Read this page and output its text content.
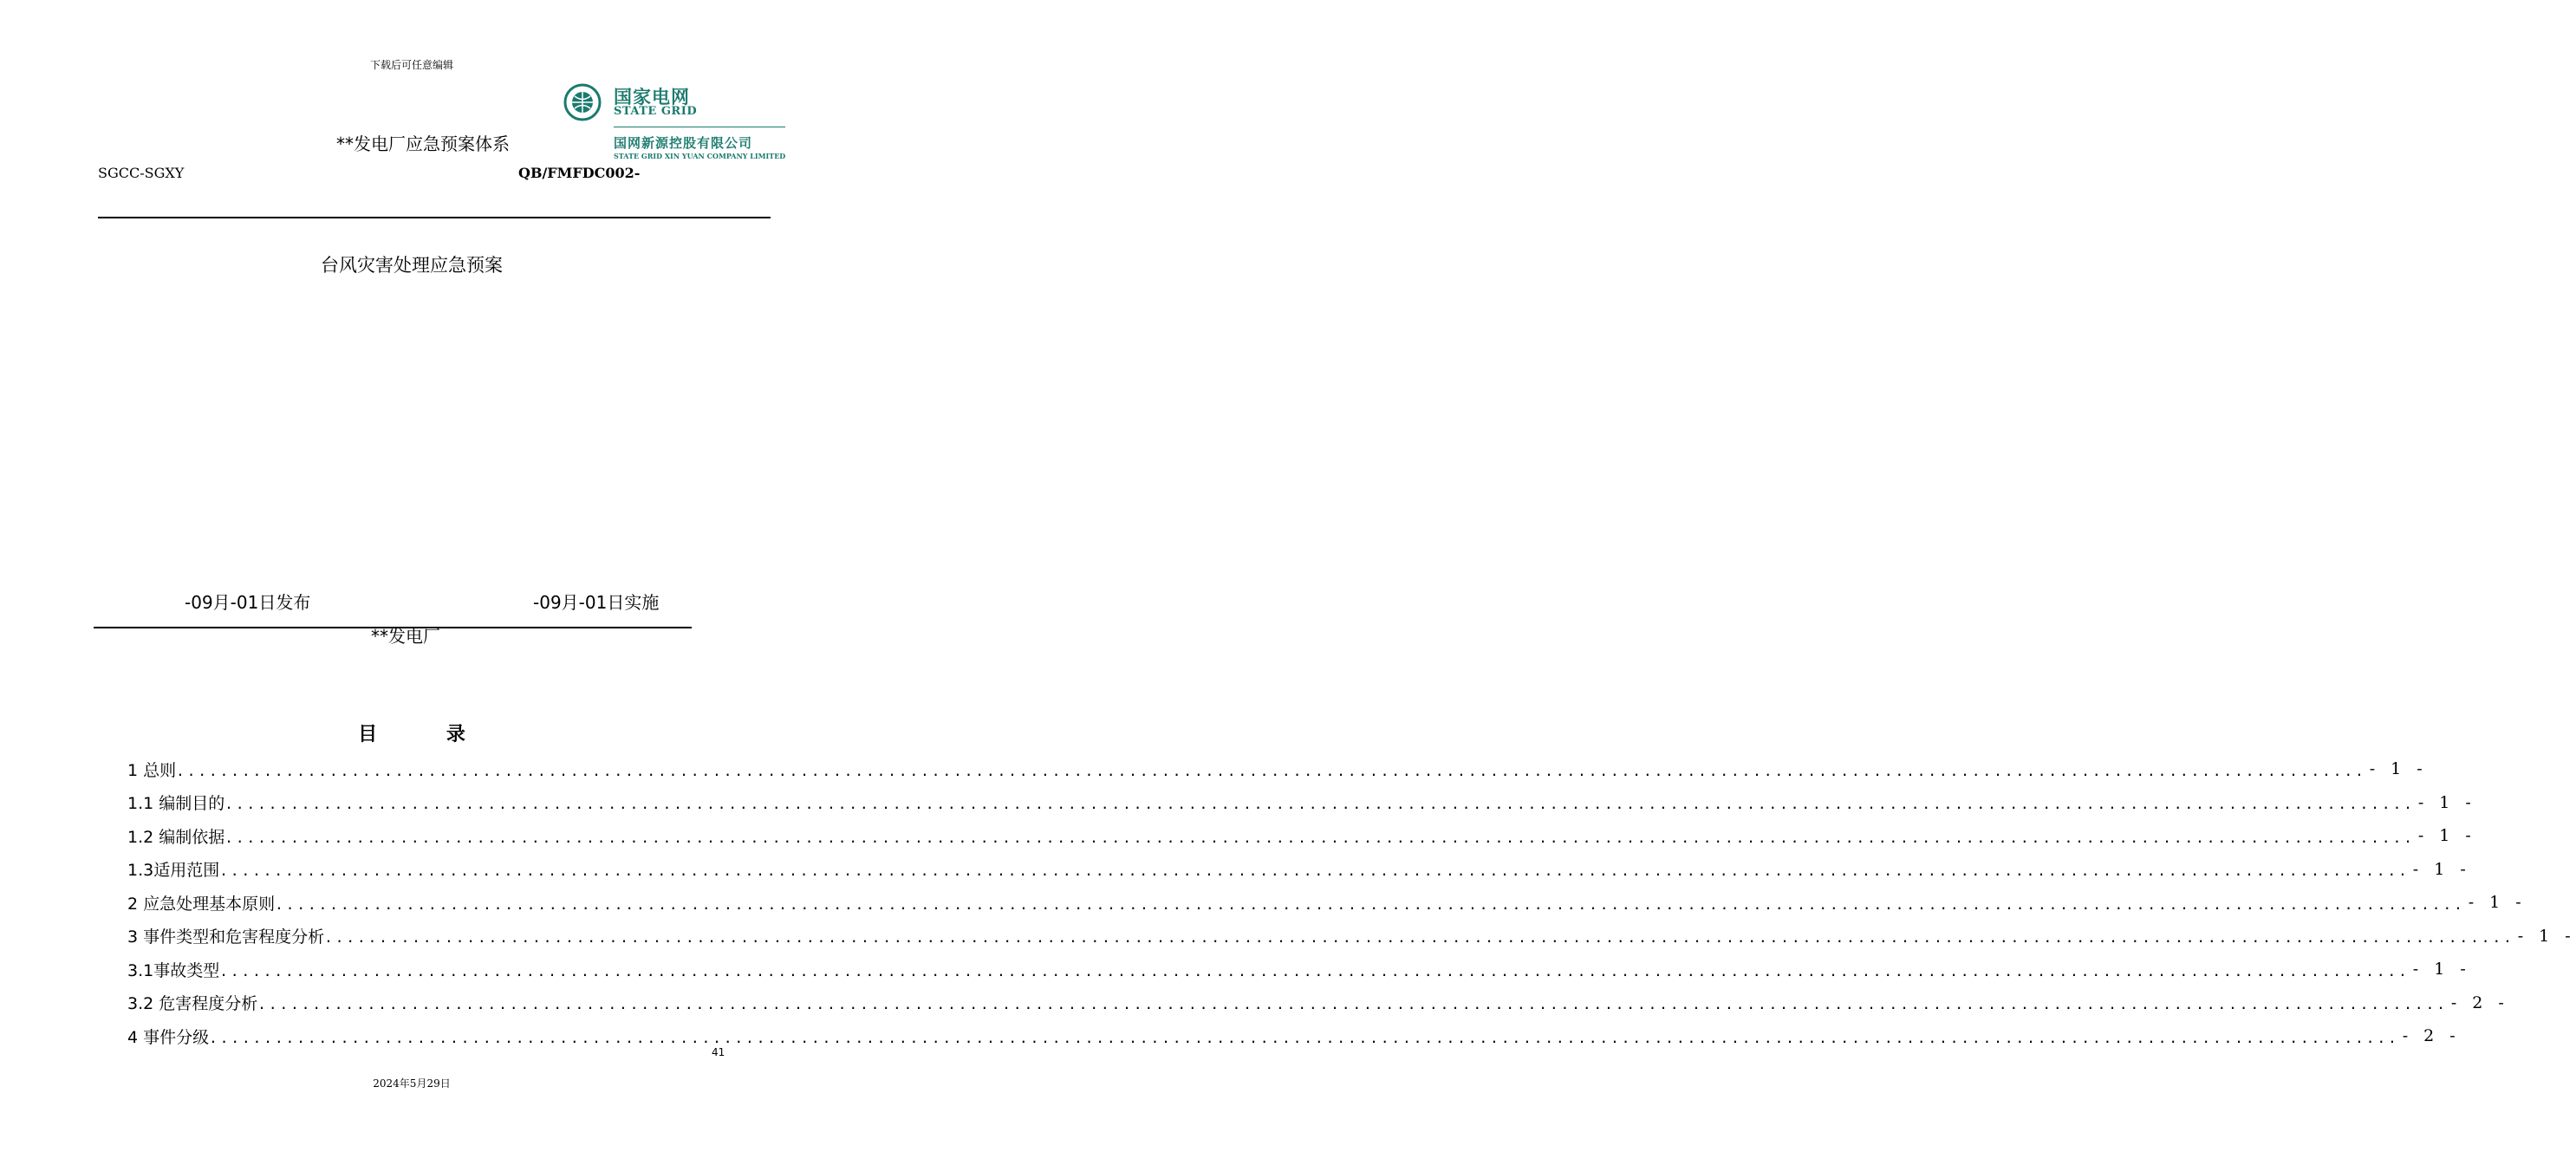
下载后可任意编辑
国家电网
STATE GRID
国网新源控股有限公司
STATE GRID XIN YUAN COMPANY LIMITED
**发电厂应急预案体系
SGCC-SGXY	QB/FMFDC002-
台风灾害处理应急预案
-09月-01日发布	-09月-01日实施
**发电厂
目 录
1 总则 ........................................................................................................................................................................................................ - 1 -
1.1 编制目的 ........................................................................................................................................................................................................ - 1 -
1.2 编制依据 ........................................................................................................................................................................................................ - 1 -
1.3适用范围 ........................................................................................................................................................................................................ - 1 -
2 应急处理基本原则 ........................................................................................................................................................................................................ - 1 -
3 事件类型和危害程度分析 ........................................................................................................................................................................................................ - 1 -
3.1事故类型 ........................................................................................................................................................................................................ - 1 -
3.2 危害程度分析 ........................................................................................................................................................................................................ - 2 -
4 事件分级 ........................................................................................................................................................................................................ - 2 -
41
2024年5月29日
